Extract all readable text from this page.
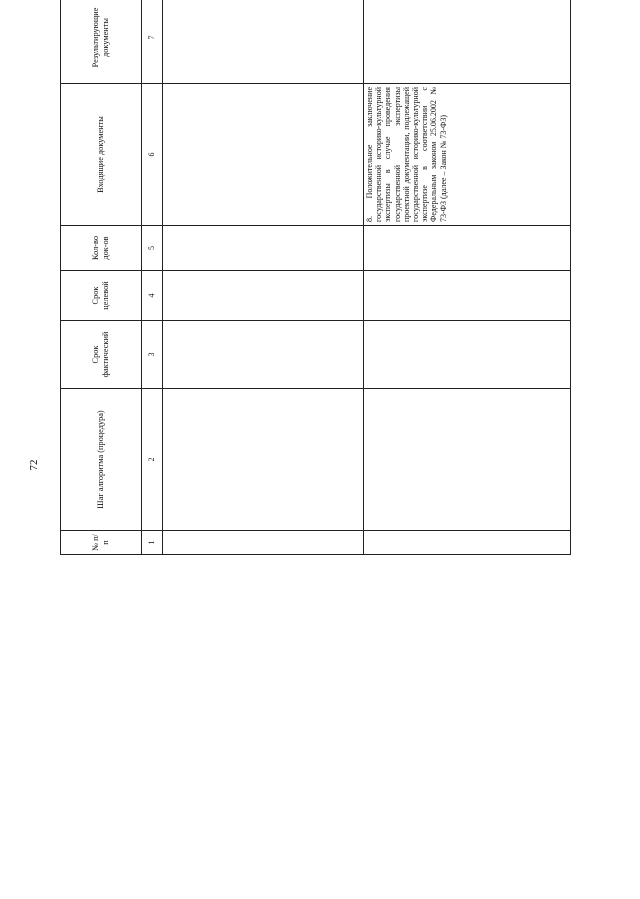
72
№ п/п	Шаг алгоритма (процедура)	Срок фактический	Срок целевой	Кол-во док-ов	Входящие документы	Результирующие документы			
1	2	3	4	5	6	7			

					8. Положительное заключение государственной историко-культурной экспертизы в случае проведения государственной экспертизы проектной документации, подлежащей государственной историко-культурной экспертизе в соответствии с Федеральным законом 25.06.2002 № 73-ФЗ (далее – Закон № 73-ФЗ)				
